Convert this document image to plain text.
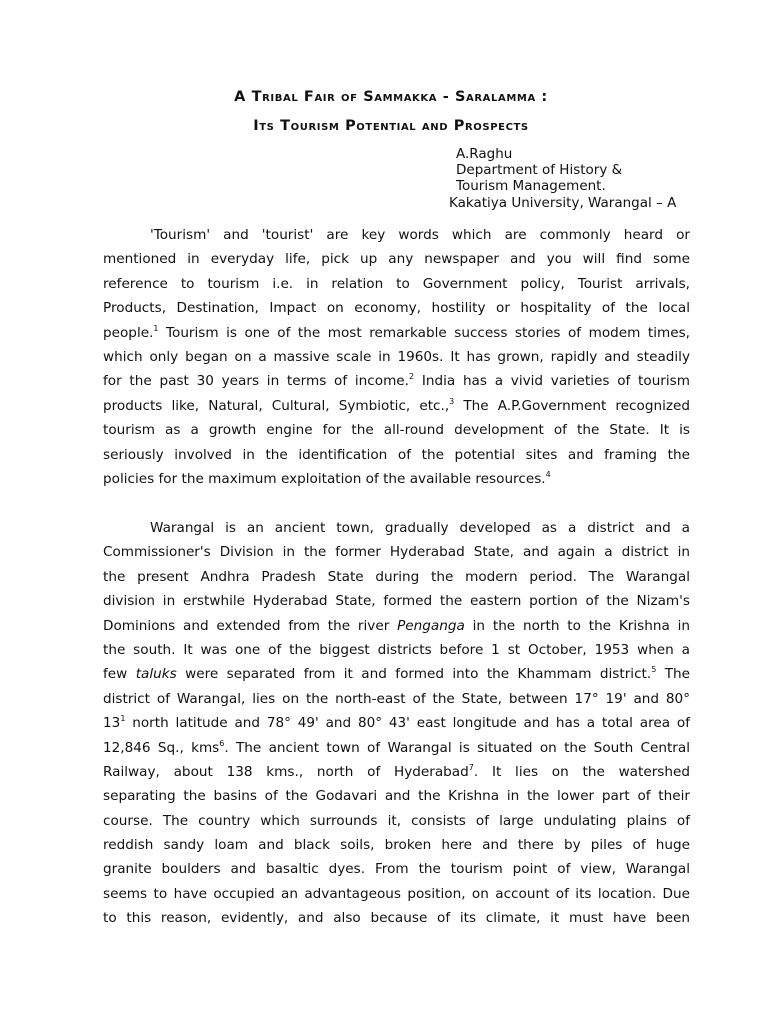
A Tribal Fair of Sammakka - Saralamma :
Its Tourism Potential and Prospects
A.Raghu
Department of History &
Tourism Management.
Kakatiya University, Warangal – A
'Tourism' and 'tourist' are key words which are commonly heard or
mentioned in everyday life, pick up any newspaper and you will find some
reference to tourism i.e. in relation to Government policy, Tourist arrivals,
Products, Destination, Impact on economy, hostility or hospitality of the local
people.$^1$ Tourism is one of the most remarkable success stories of modem times,
which only began on a massive scale in 1960s. It has grown, rapidly and steadily
for the past 30 years in terms of income.$^2$ India has a vivid varieties of tourism
products like, Natural, Cultural, Symbiotic, etc.,$^3$ The A.P.Government recognized
tourism as a growth engine for the all-round development of the State. It is
seriously involved in the identification of the potential sites and framing the
policies for the maximum exploitation of the available resources.$^4$
Warangal is an ancient town, gradually developed as a district and a
Commissioner's Division in the former Hyderabad State, and again a district in
the present Andhra Pradesh State during the modern period. The Warangal
division in erstwhile Hyderabad State, formed the eastern portion of the Nizam's
Dominions and extended from the river Penganga in the north to the Krishna in
the south. It was one of the biggest districts before 1 st October, 1953 when a
few taluks were separated from it and formed into the Khammam district.$^5$ The
district of Warangal, lies on the north-east of the State, between 17° 19' and 80°
$13^1$ north latitude and 78° 49' and 80° 43' east longitude and has a total area of
12,846 Sq., kms$^6$. The ancient town of Warangal is situated on the South Central
Railway, about 138 kms., north of Hyderabad$^7$. It lies on the watershed
separating the basins of the Godavari and the Krishna in the lower part of their
course. The country which surrounds it, consists of large undulating plains of
reddish sandy loam and black soils, broken here and there by piles of huge
granite boulders and basaltic dyes. From the tourism point of view, Warangal
seems to have occupied an advantageous position, on account of its location. Due
to this reason, evidently, and also because of its climate, it must have been
